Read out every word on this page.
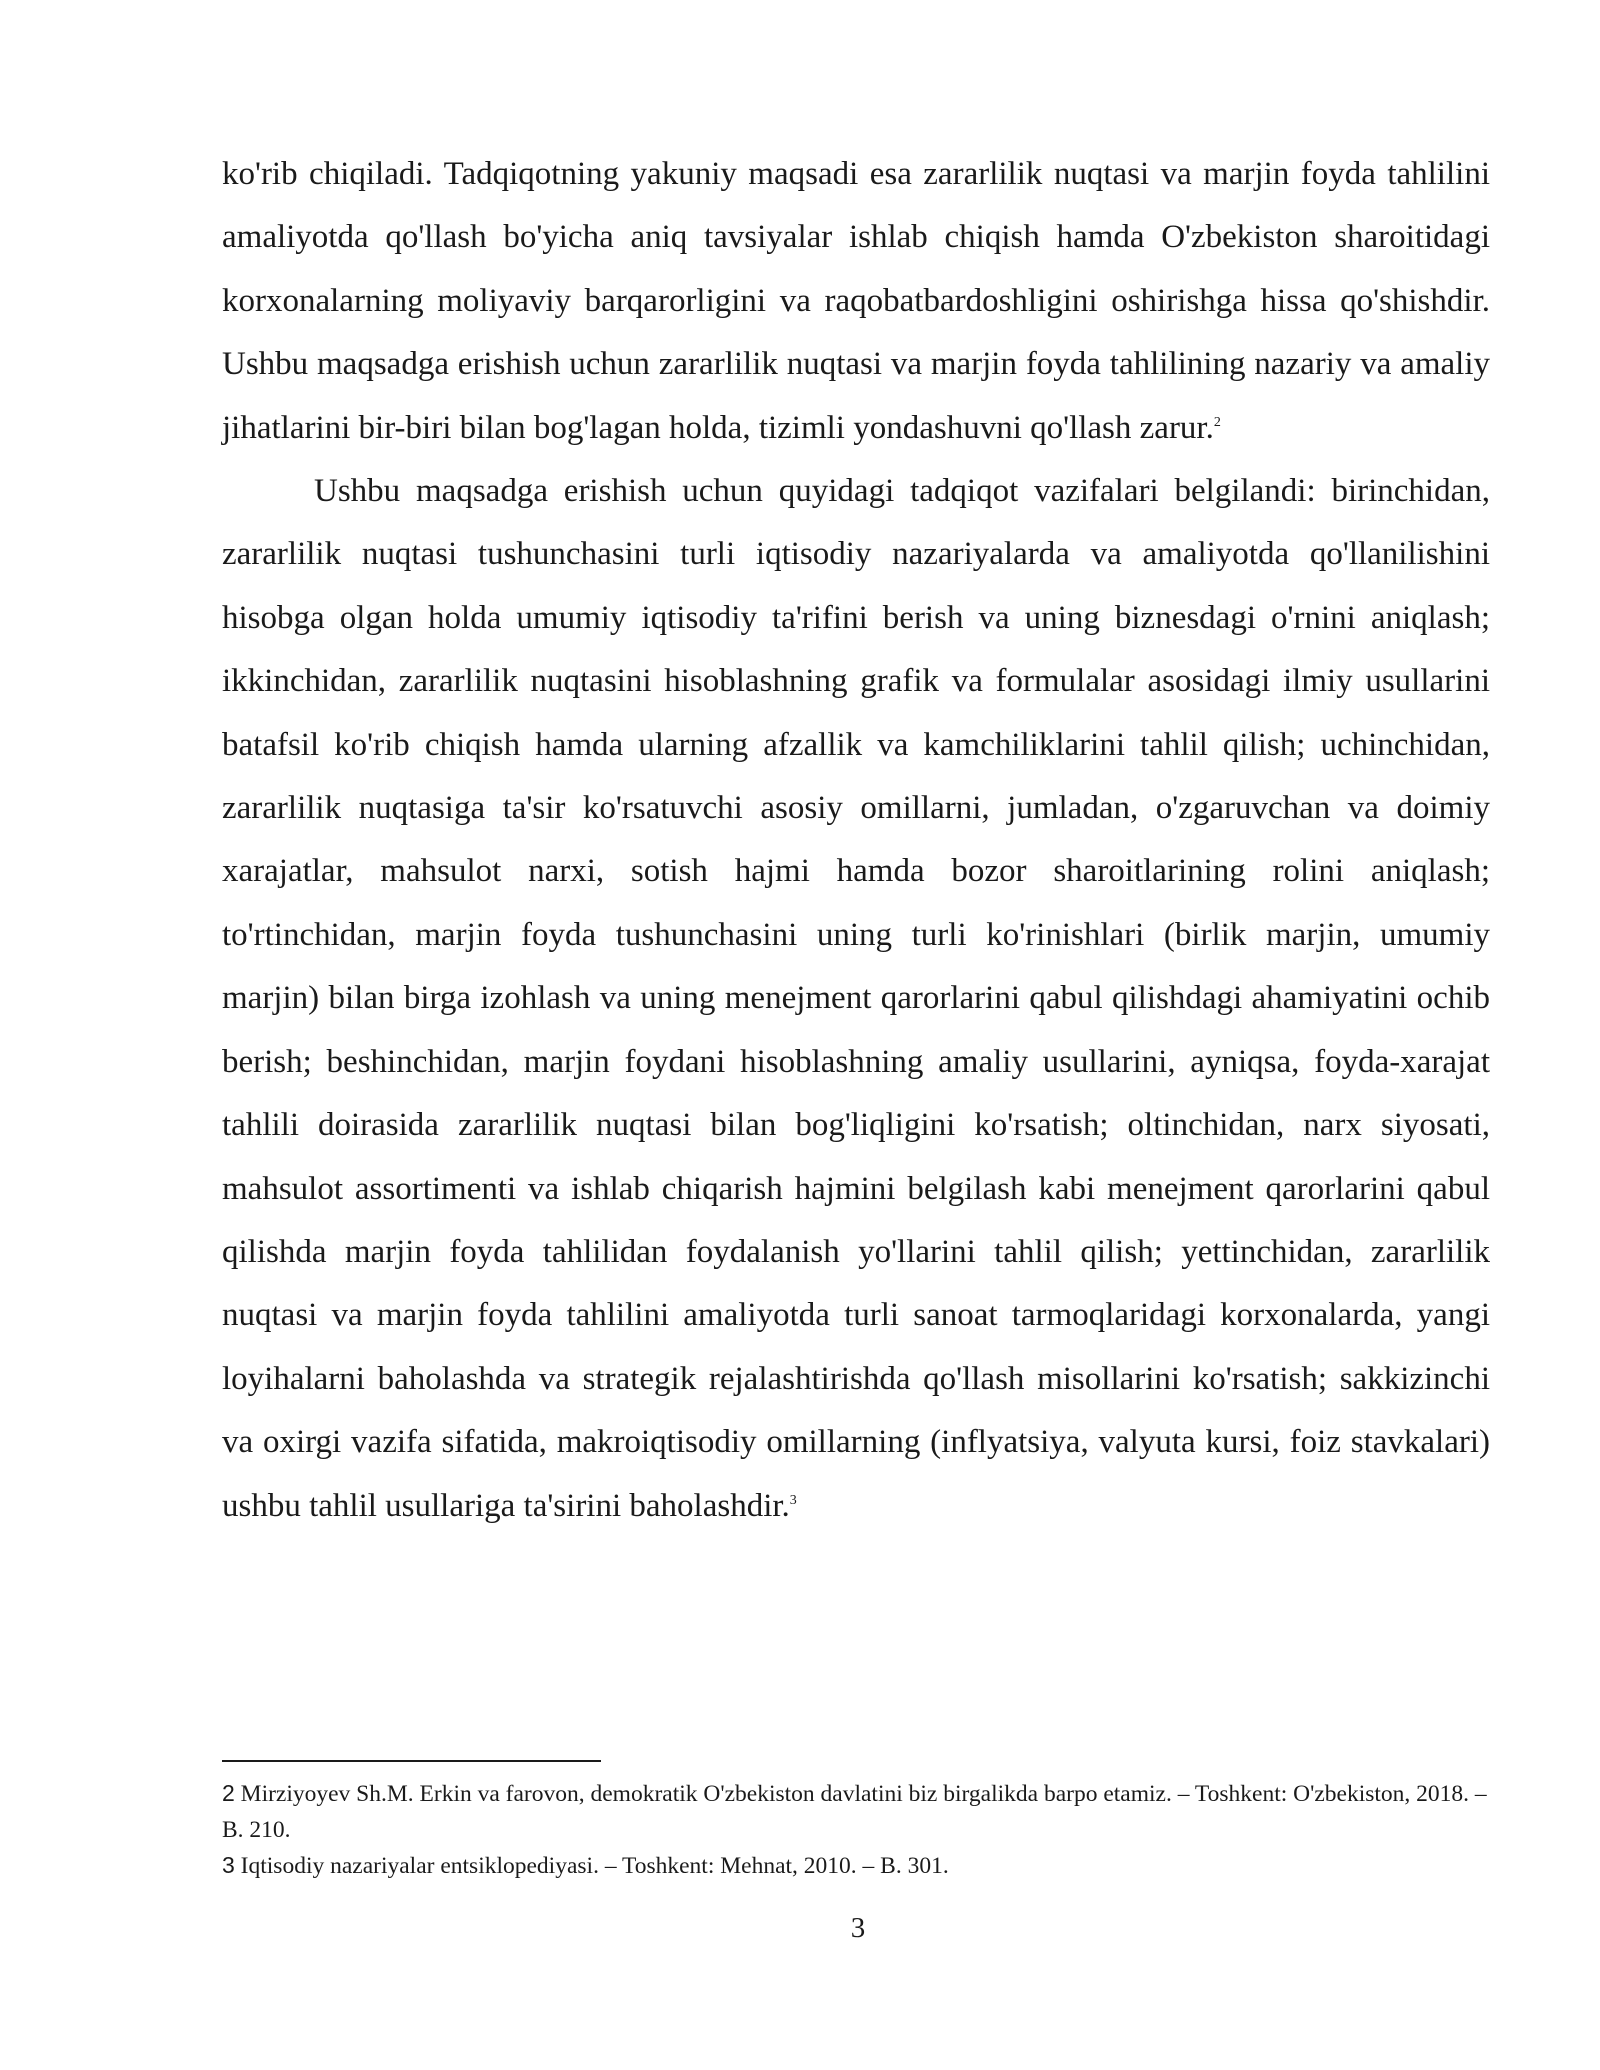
ko'rib chiqiladi. Tadqiqotning yakuniy maqsadi esa zararlilik nuqtasi va marjin foyda tahlilini amaliyotda qo'llash bo'yicha aniq tavsiyalar ishlab chiqish hamda O'zbekiston sharoitidagi korxonalarning moliyaviy barqarorligini va raqobatbardoshligini oshirishga hissa qo'shishdir. Ushbu maqsadga erishish uchun zararlilik nuqtasi va marjin foyda tahlilining nazariy va amaliy jihatlarini bir-biri bilan bog'lagan holda, tizimli yondashuvni qo'llash zarur.$^2$

Ushbu maqsadga erishish uchun quyidagi tadqiqot vazifalari belgilandi: birinchidan, zararlilik nuqtasi tushunchasini turli iqtisodiy nazariyalarda va amaliyotda qo'llanilishini hisobga olgan holda umumiy iqtisodiy ta'rifini berish va uning biznesdagi o'rnini aniqlash; ikkinchidan, zararlilik nuqtasini hisoblashning grafik va formulalar asosidagi ilmiy usullarini batafsil ko'rib chiqish hamda ularning afzallik va kamchiliklarini tahlil qilish; uchinchidan, zararlilik nuqtasiga ta'sir ko'rsatuvchi asosiy omillarni, jumladan, o'zgaruvchan va doimiy xarajatlar, mahsulot narxi, sotish hajmi hamda bozor sharoitlarining rolini aniqlash; to'rtinchidan, marjin foyda tushunchasini uning turli ko'rinishlari (birlik marjin, umumiy marjin) bilan birga izohlash va uning menejment qarorlarini qabul qilishdagi ahamiyatini ochib berish; beshinchidan, marjin foydani hisoblashning amaliy usullarini, ayniqsa, foyda-xarajat tahlili doirasida zararlilik nuqtasi bilan bog'liqligini ko'rsatish; oltinchidan, narx siyosati, mahsulot assortimenti va ishlab chiqarish hajmini belgilash kabi menejment qarorlarini qabul qilishda marjin foyda tahlilidan foydalanish yo'llarini tahlil qilish; yettinchidan, zararlilik nuqtasi va marjin foyda tahlilini amaliyotda turli sanoat tarmoqlaridagi korxonalarda, yangi loyihalarni baholashda va strategik rejalashtirishda qo'llash misollarini ko'rsatish; sakkizinchi va oxirgi vazifa sifatida, makroiqtisodiy omillarning (inflyatsiya, valyuta kursi, foiz stavkalari) ushbu tahlil usullariga ta'sirini baholashdir.$^3$

2 Mirziyoyev Sh.M. Erkin va farovon, demokratik O'zbekiston davlatini biz birgalikda barpo etamiz. – Toshkent: O'zbekiston, 2018. – B. 210.

3 Iqtisodiy nazariyalar entsiklopediyasi. – Toshkent: Mehnat, 2010. – B. 301.

3
